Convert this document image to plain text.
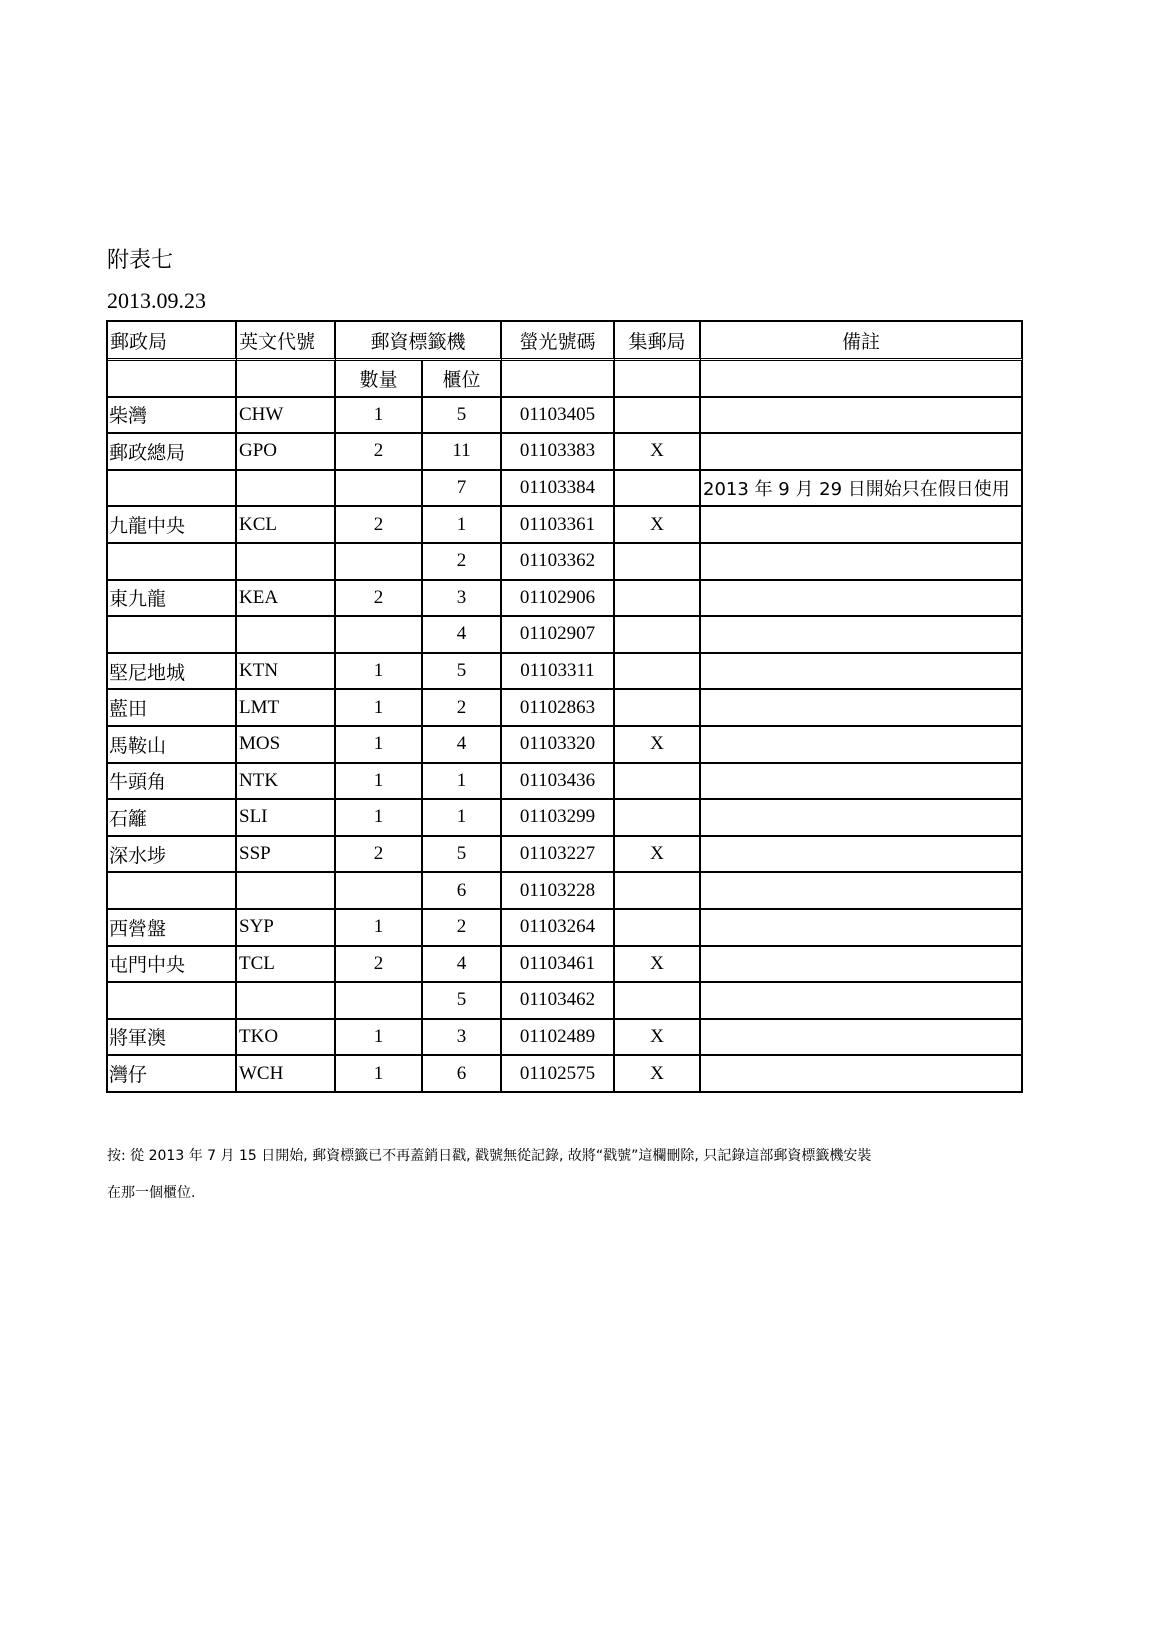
附表七
2013.09.23
郵政局	英文代號	郵資標籤機		螢光號碼	集郵局	備註
		數量	櫃位			
柴灣	CHW	1	5	01103405		
郵政總局	GPO	2	11	01103383	X	
			7	01103384		2013 年 9 月 29 日開始只在假日使用
九龍中央	KCL	2	1	01103361	X	
			2	01103362		
東九龍	KEA	2	3	01102906		
			4	01102907		
堅尼地城	KTN	1	5	01103311		
藍田	LMT	1	2	01102863		
馬鞍山	MOS	1	4	01103320	X	
牛頭角	NTK	1	1	01103436		
石籬	SLI	1	1	01103299		
深水埗	SSP	2	5	01103227	X	
			6	01103228		
西營盤	SYP	1	2	01103264		
屯門中央	TCL	2	4	01103461	X	
			5	01103462		
將軍澳	TKO	1	3	01102489	X	
灣仔	WCH	1	6	01102575	X	
按: 從 2013 年 7 月 15 日開始, 郵資標籤已不再蓋銷日戳, 戳號無從記錄, 故將“戳號”這欄刪除, 只記錄這部郵資標籤機安裝
在那一個櫃位.
